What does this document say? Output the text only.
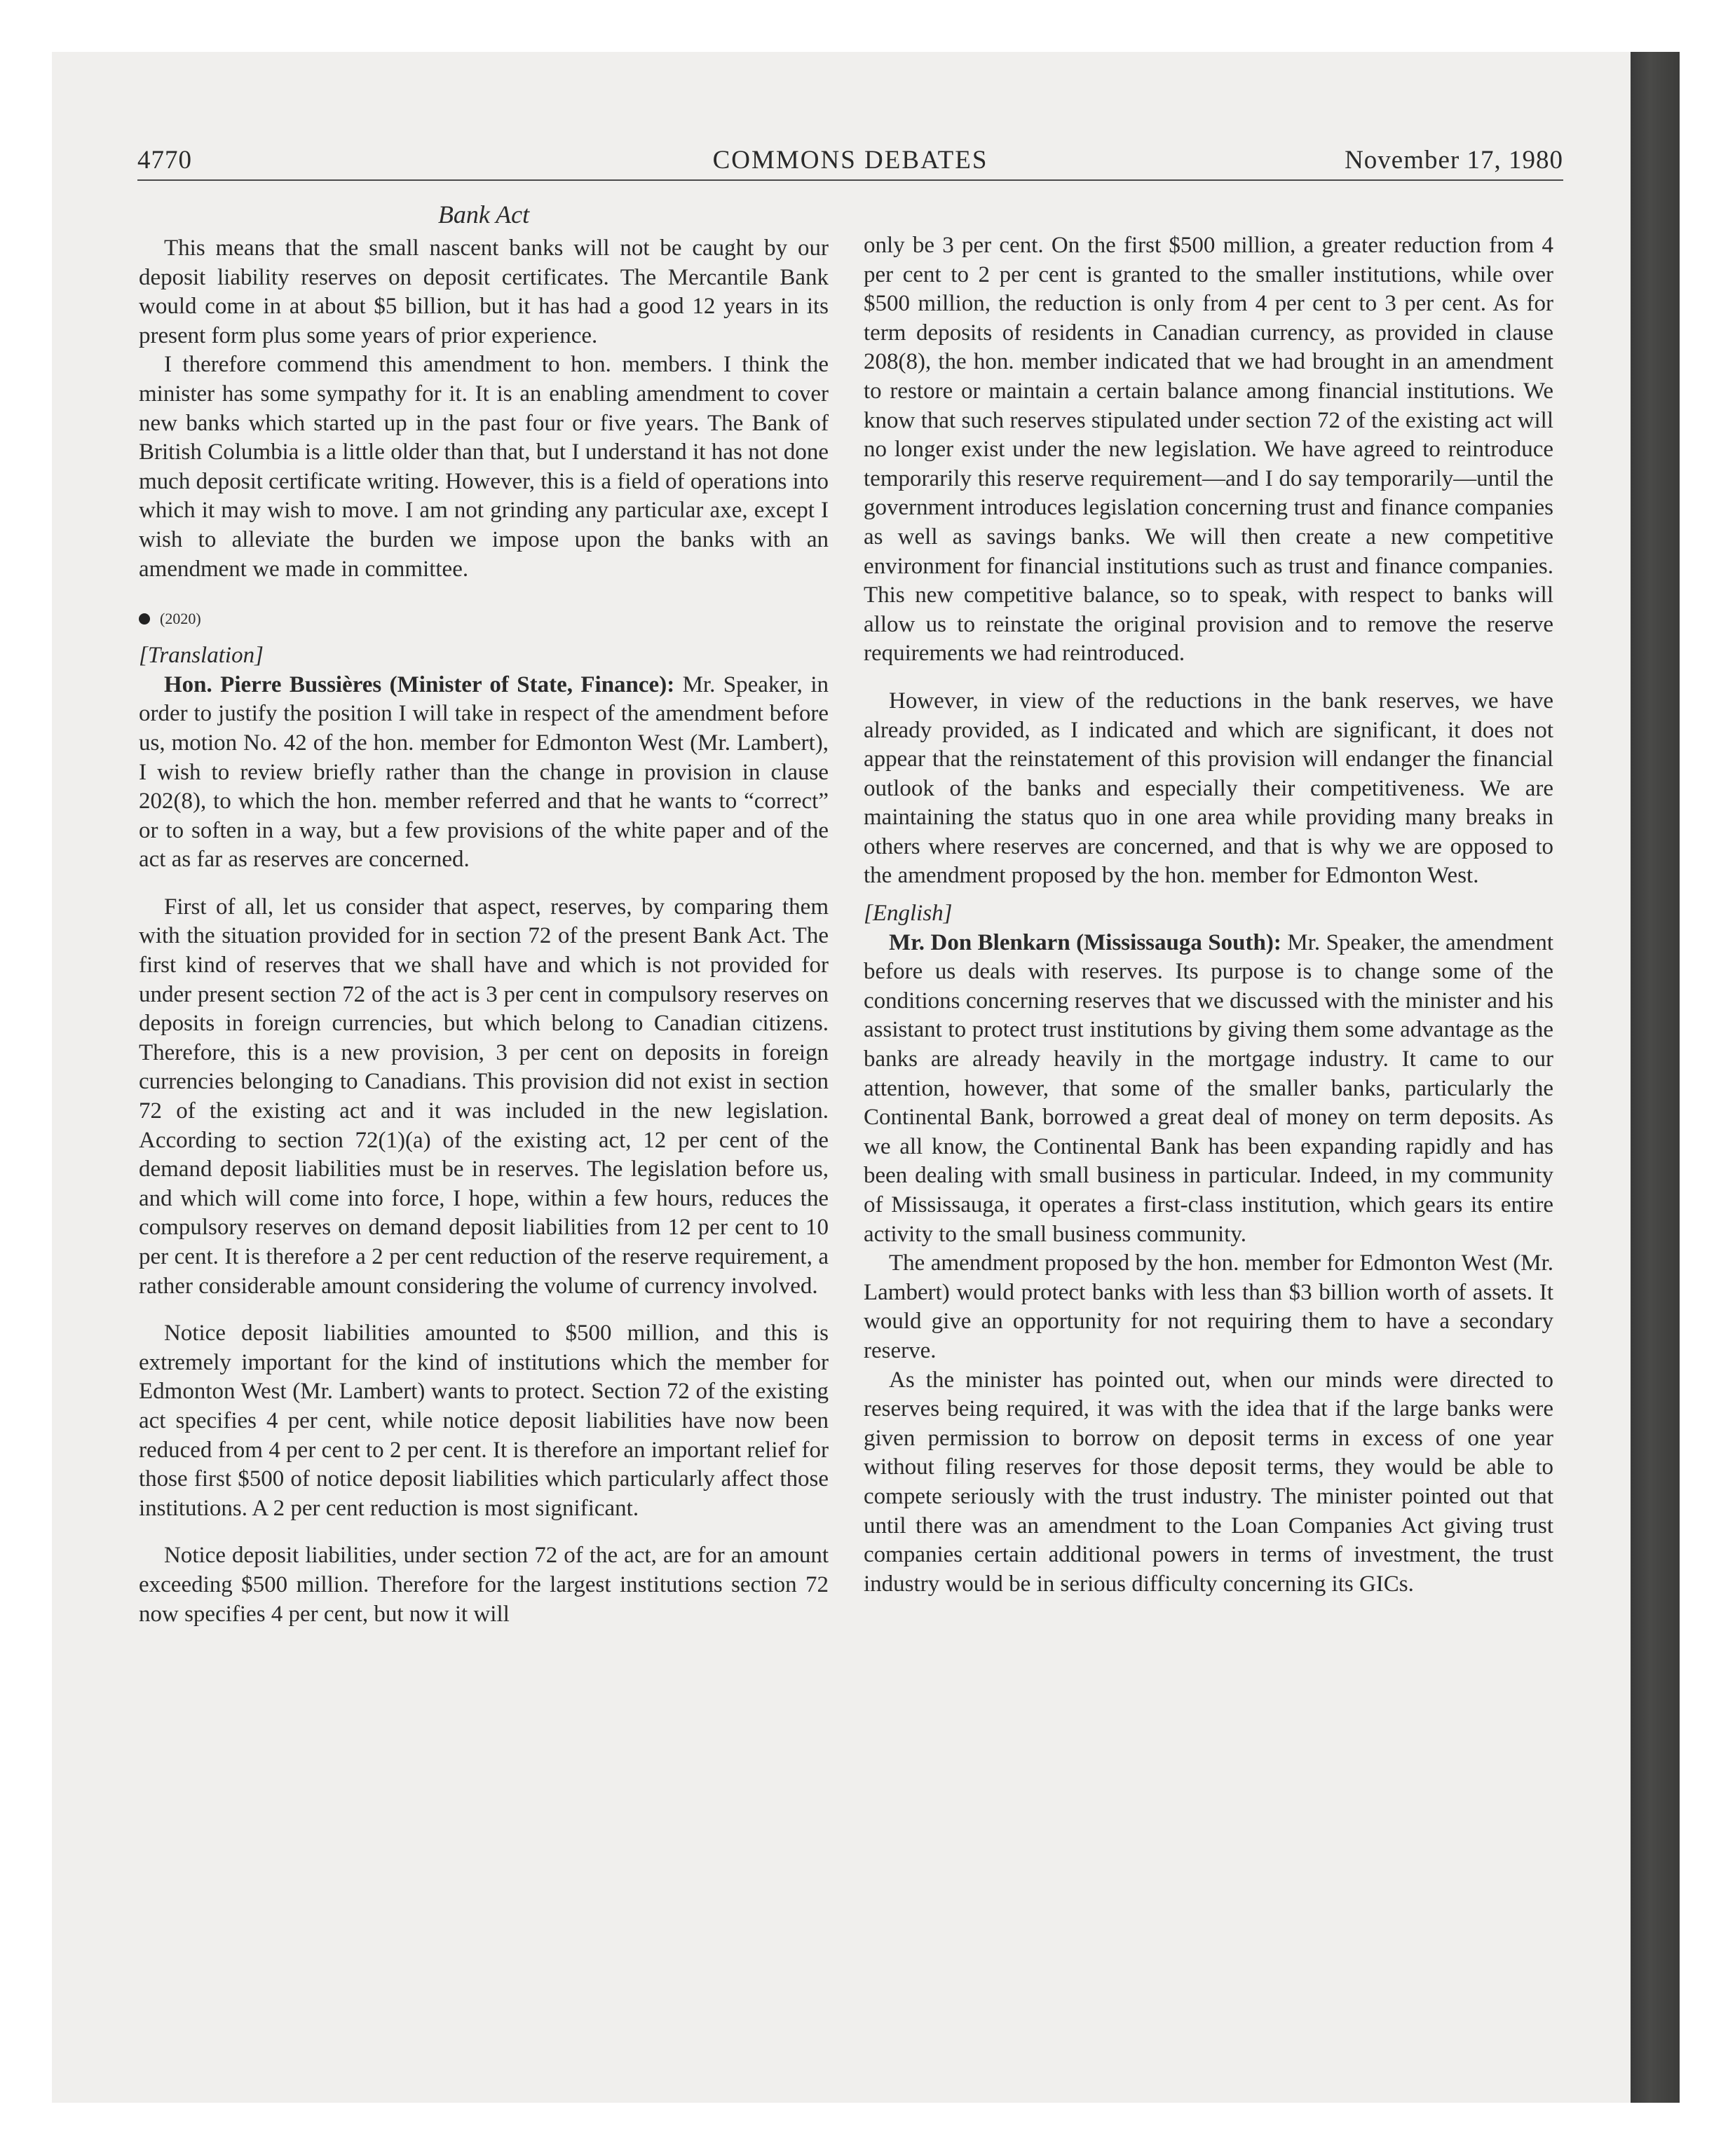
4770	COMMONS DEBATES	November 17, 1980

Bank Act

This means that the small nascent banks will not be caught by our deposit liability reserves on deposit certificates. The Mercantile Bank would come in at about $5 billion, but it has had a good 12 years in its present form plus some years of prior experience.

I therefore commend this amendment to hon. members. I think the minister has some sympathy for it. It is an enabling amendment to cover new banks which started up in the past four or five years. The Bank of British Columbia is a little older than that, but I understand it has not done much deposit certificate writing. However, this is a field of operations into which it may wish to move. I am not grinding any particular axe, except I wish to alleviate the burden we impose upon the banks with an amendment we made in committee.

(2020)

[Translation]

Hon. Pierre Bussières (Minister of State, Finance): Mr. Speaker, in order to justify the position I will take in respect of the amendment before us, motion No. 42 of the hon. member for Edmonton West (Mr. Lambert), I wish to review briefly rather than the change in provision in clause 202(8), to which the hon. member referred and that he wants to “correct” or to soften in a way, but a few provisions of the white paper and of the act as far as reserves are concerned.

First of all, let us consider that aspect, reserves, by comparing them with the situation provided for in section 72 of the present Bank Act. The first kind of reserves that we shall have and which is not provided for under present section 72 of the act is 3 per cent in compulsory reserves on deposits in foreign currencies, but which belong to Canadian citizens. Therefore, this is a new provision, 3 per cent on deposits in foreign currencies belonging to Canadians. This provision did not exist in section 72 of the existing act and it was included in the new legislation. According to section 72(1)(a) of the existing act, 12 per cent of the demand deposit liabilities must be in reserves. The legislation before us, and which will come into force, I hope, within a few hours, reduces the compulsory reserves on demand deposit liabilities from 12 per cent to 10 per cent. It is therefore a 2 per cent reduction of the reserve requirement, a rather considerable amount considering the volume of currency involved.

Notice deposit liabilities amounted to $500 million, and this is extremely important for the kind of institutions which the member for Edmonton West (Mr. Lambert) wants to protect. Section 72 of the existing act specifies 4 per cent, while notice deposit liabilities have now been reduced from 4 per cent to 2 per cent. It is therefore an important relief for those first $500 of notice deposit liabilities which particularly affect those institutions. A 2 per cent reduction is most significant.

Notice deposit liabilities, under section 72 of the act, are for an amount exceeding $500 million. Therefore for the largest institutions section 72 now specifies 4 per cent, but now it will

only be 3 per cent. On the first $500 million, a greater reduction from 4 per cent to 2 per cent is granted to the smaller institutions, while over $500 million, the reduction is only from 4 per cent to 3 per cent. As for term deposits of residents in Canadian currency, as provided in clause 208(8), the hon. member indicated that we had brought in an amendment to restore or maintain a certain balance among financial institutions. We know that such reserves stipulated under section 72 of the existing act will no longer exist under the new legislation. We have agreed to reintroduce temporarily this reserve requirement—and I do say temporarily—until the government introduces legislation concerning trust and finance companies as well as savings banks. We will then create a new competitive environment for financial institutions such as trust and finance companies. This new competitive balance, so to speak, with respect to banks will allow us to reinstate the original provision and to remove the reserve requirements we had reintroduced.

However, in view of the reductions in the bank reserves, we have already provided, as I indicated and which are significant, it does not appear that the reinstatement of this provision will endanger the financial outlook of the banks and especially their competitiveness. We are maintaining the status quo in one area while providing many breaks in others where reserves are concerned, and that is why we are opposed to the amendment proposed by the hon. member for Edmonton West.

[English]

Mr. Don Blenkarn (Mississauga South): Mr. Speaker, the amendment before us deals with reserves. Its purpose is to change some of the conditions concerning reserves that we discussed with the minister and his assistant to protect trust institutions by giving them some advantage as the banks are already heavily in the mortgage industry. It came to our attention, however, that some of the smaller banks, particularly the Continental Bank, borrowed a great deal of money on term deposits. As we all know, the Continental Bank has been expanding rapidly and has been dealing with small business in particular. Indeed, in my community of Mississauga, it operates a first-class institution, which gears its entire activity to the small business community.

The amendment proposed by the hon. member for Edmonton West (Mr. Lambert) would protect banks with less than $3 billion worth of assets. It would give an opportunity for not requiring them to have a secondary reserve.

As the minister has pointed out, when our minds were directed to reserves being required, it was with the idea that if the large banks were given permission to borrow on deposit terms in excess of one year without filing reserves for those deposit terms, they would be able to compete seriously with the trust industry. The minister pointed out that until there was an amendment to the Loan Companies Act giving trust companies certain additional powers in terms of investment, the trust industry would be in serious difficulty concerning its GICs.
